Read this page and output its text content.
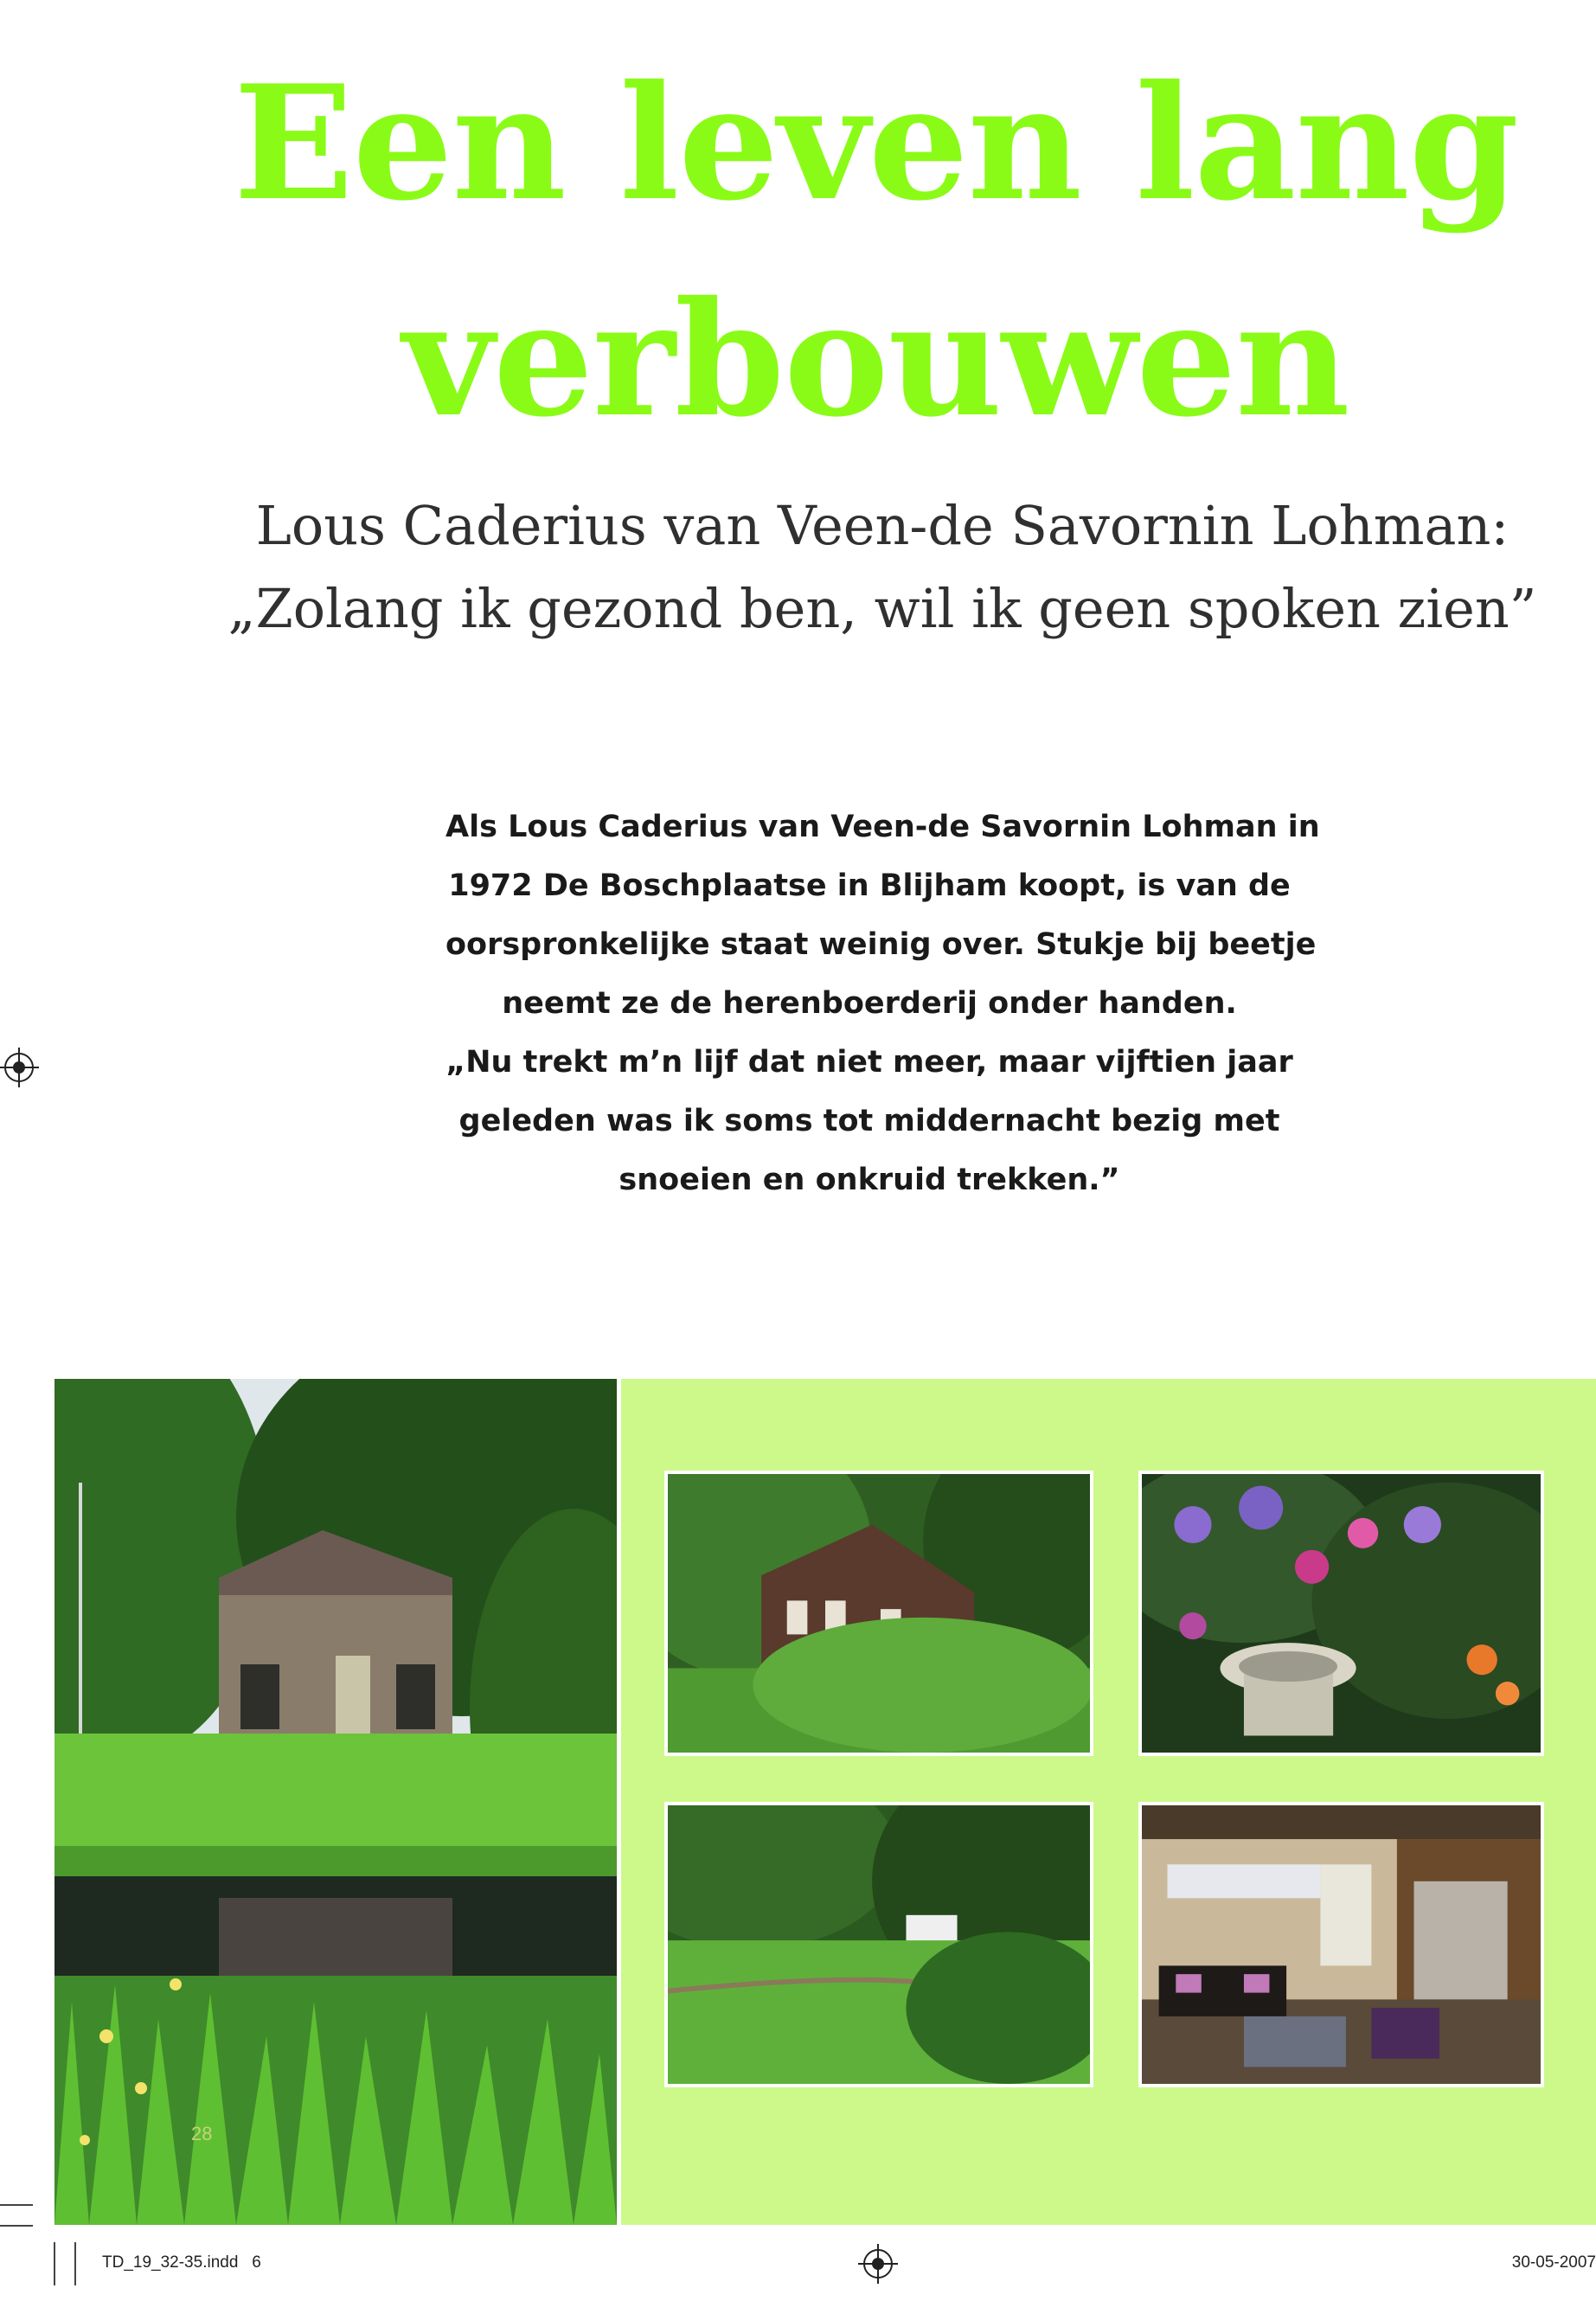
Een leven lang
verbouwen
Lous Caderius van Veen-de Savornin Lohman:
„Zolang ik gezond ben, wil ik geen spoken zien”

Als Lous Caderius van Veen-de Savornin Lohman in
1972 De Boschplaatse in Blijham koopt, is van de
oorspronkelijke staat weinig over. Stukje bij beetje
neemt ze de herenboerderij onder handen.
„Nu trekt m’n lijf dat niet meer, maar vijftien jaar
geleden was ik soms tot middernacht bezig met
snoeien en onkruid trekken.”

28
TD_19_32-35.indd   6	30-05-2007
